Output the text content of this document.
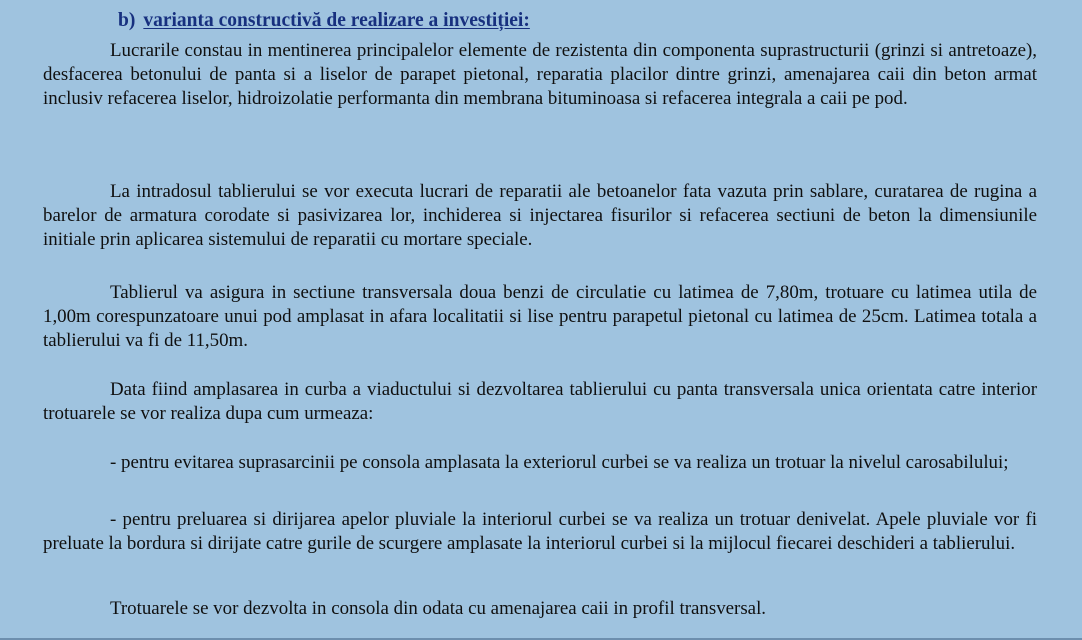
b) varianta constructivă de realizare a investiției:

Lucrarile constau in mentinerea principalelor elemente de rezistenta din componenta suprastructurii (grinzi si antretoaze), desfacerea betonului de panta si a liselor de parapet pietonal, reparatia placilor dintre grinzi, amenajarea caii din beton armat inclusiv refacerea liselor, hidroizolatie performanta din membrana bituminoasa si refacerea integrala a caii pe pod.

La intradosul tablierului se vor executa lucrari de reparatii ale betoanelor fata vazuta prin sablare, curatarea de rugina a barelor de armatura corodate si pasivizarea lor, inchiderea si injectarea fisurilor si refacerea sectiuni de beton la dimensiunile initiale prin aplicarea sistemului de reparatii cu mortare speciale.

Tablierul va asigura in sectiune transversala doua benzi de circulatie cu latimea de 7,80m, trotuare cu latimea utila de 1,00m corespunzatoare unui pod amplasat in afara localitatii si lise pentru parapetul pietonal cu latimea de 25cm. Latimea totala a tablierului va fi de 11,50m.

Data fiind amplasarea in curba a viaductului si dezvoltarea tablierului cu panta transversala unica orientata catre interior trotuarele se vor realiza dupa cum urmeaza:

- pentru evitarea suprasarcinii pe consola amplasata la exteriorul curbei se va realiza un trotuar la nivelul carosabilului;

- pentru preluarea si dirijarea apelor pluviale la interiorul curbei se va realiza un trotuar denivelat. Apele pluviale vor fi preluate la bordura si dirijate catre gurile de scurgere amplasate la interiorul curbei si la mijlocul fiecarei deschideri a tablierului.

Trotuarele se vor dezvolta in consola din odata cu amenajarea caii in profil transversal.
